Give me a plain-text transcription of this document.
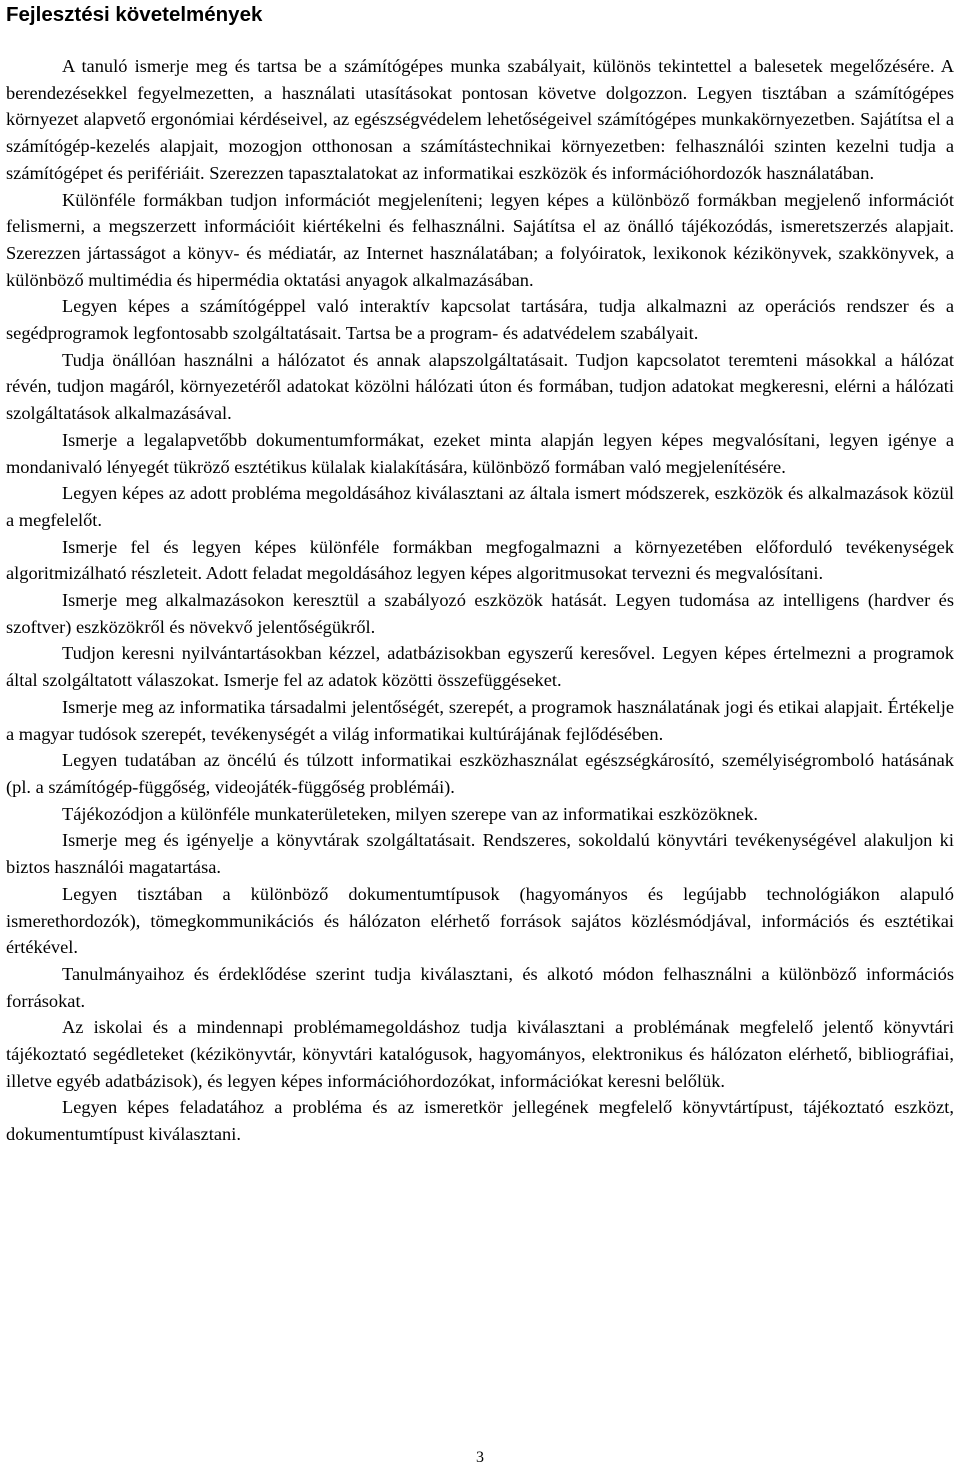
Fejlesztési követelmények

A tanuló ismerje meg és tartsa be a számítógépes munka szabályait, különös tekintettel a balesetek megelőzésére. A berendezésekkel fegyelmezetten, a használati utasításokat pontosan követve dolgozzon. Legyen tisztában a számítógépes környezet alapvető ergonómiai kérdéseivel, az egészségvédelem lehetőségeivel számítógépes munkakörnyezetben. Sajátítsa el a számítógép-kezelés alapjait, mozogjon otthonosan a számítástechnikai környezetben: felhasználói szinten kezelni tudja a számítógépet és perifériáit. Szerezzen tapasztalatokat az informatikai eszközök és információhordozók használatában.

Különféle formákban tudjon információt megjeleníteni; legyen képes a különböző formákban megjelenő információt felismerni, a megszerzett információit kiértékelni és felhasználni. Sajátítsa el az önálló tájékozódás, ismeretszerzés alapjait. Szerezzen jártasságot a könyv- és médiatár, az Internet használatában; a folyóiratok, lexikonok kézikönyvek, szakkönyvek, a különböző multimédia és hipermédia oktatási anyagok alkalmazásában.

Legyen képes a számítógéppel való interaktív kapcsolat tartására, tudja alkalmazni az operációs rendszer és a segédprogramok legfontosabb szolgáltatásait. Tartsa be a program- és adatvédelem szabályait.

Tudja önállóan használni a hálózatot és annak alapszolgáltatásait. Tudjon kapcsolatot teremteni másokkal a hálózat révén, tudjon magáról, környezetéről adatokat közölni hálózati úton és formában, tudjon adatokat megkeresni, elérni a hálózati szolgáltatások alkalmazásával.

Ismerje a legalapvetőbb dokumentumformákat, ezeket minta alapján legyen képes megvalósítani, legyen igénye a mondanivaló lényegét tükröző esztétikus külalak kialakítására, különböző formában való megjelenítésére.

Legyen képes az adott probléma megoldásához kiválasztani az általa ismert módszerek, eszközök és alkalmazások közül a megfelelőt.

Ismerje fel és legyen képes különféle formákban megfogalmazni a környezetében előforduló tevékenységek algoritmizálható részleteit. Adott feladat megoldásához legyen képes algoritmusokat tervezni és megvalósítani.

Ismerje meg alkalmazásokon keresztül a szabályozó eszközök hatását. Legyen tudomása az intelligens (hardver és szoftver) eszközökről és növekvő jelentőségükről.

Tudjon keresni nyilvántartásokban kézzel, adatbázisokban egyszerű keresővel. Legyen képes értelmezni a programok által szolgáltatott válaszokat. Ismerje fel az adatok közötti összefüggéseket.

Ismerje meg az informatika társadalmi jelentőségét, szerepét, a programok használatának jogi és etikai alapjait. Értékelje a magyar tudósok szerepét, tevékenységét a világ informatikai kultúrájának fejlődésében.

Legyen tudatában az öncélú és túlzott informatikai eszközhasználat egészségkárosító, személyiségromboló hatásának (pl. a számítógép-függőség, videojáték-függőség problémái).

Tájékozódjon a különféle munkaterületeken, milyen szerepe van az informatikai eszközöknek.

Ismerje meg és igényelje a könyvtárak szolgáltatásait. Rendszeres, sokoldalú könyvtári tevékenységével alakuljon ki biztos használói magatartása.

Legyen tisztában a különböző dokumentumtípusok (hagyományos és legújabb technológiákon alapuló ismerethordozók), tömegkommunikációs és hálózaton elérhető források sajátos közlésmódjával, információs és esztétikai értékével.

Tanulmányaihoz és érdeklődése szerint tudja kiválasztani, és alkotó módon felhasználni a különböző információs forrásokat.

Az iskolai és a mindennapi problémamegoldáshoz tudja kiválasztani a problémának megfelelő jelentő könyvtári tájékoztató segédleteket (kézikönyvtár, könyvtári katalógusok, hagyományos, elektronikus és hálózaton elérhető, bibliográfiai, illetve egyéb adatbázisok), és legyen képes információhordozókat, információkat keresni belőlük.

Legyen képes feladatához a probléma és az ismeretkör jellegének megfelelő könyvtártípust, tájékoztató eszközt, dokumentumtípust kiválasztani.

3
